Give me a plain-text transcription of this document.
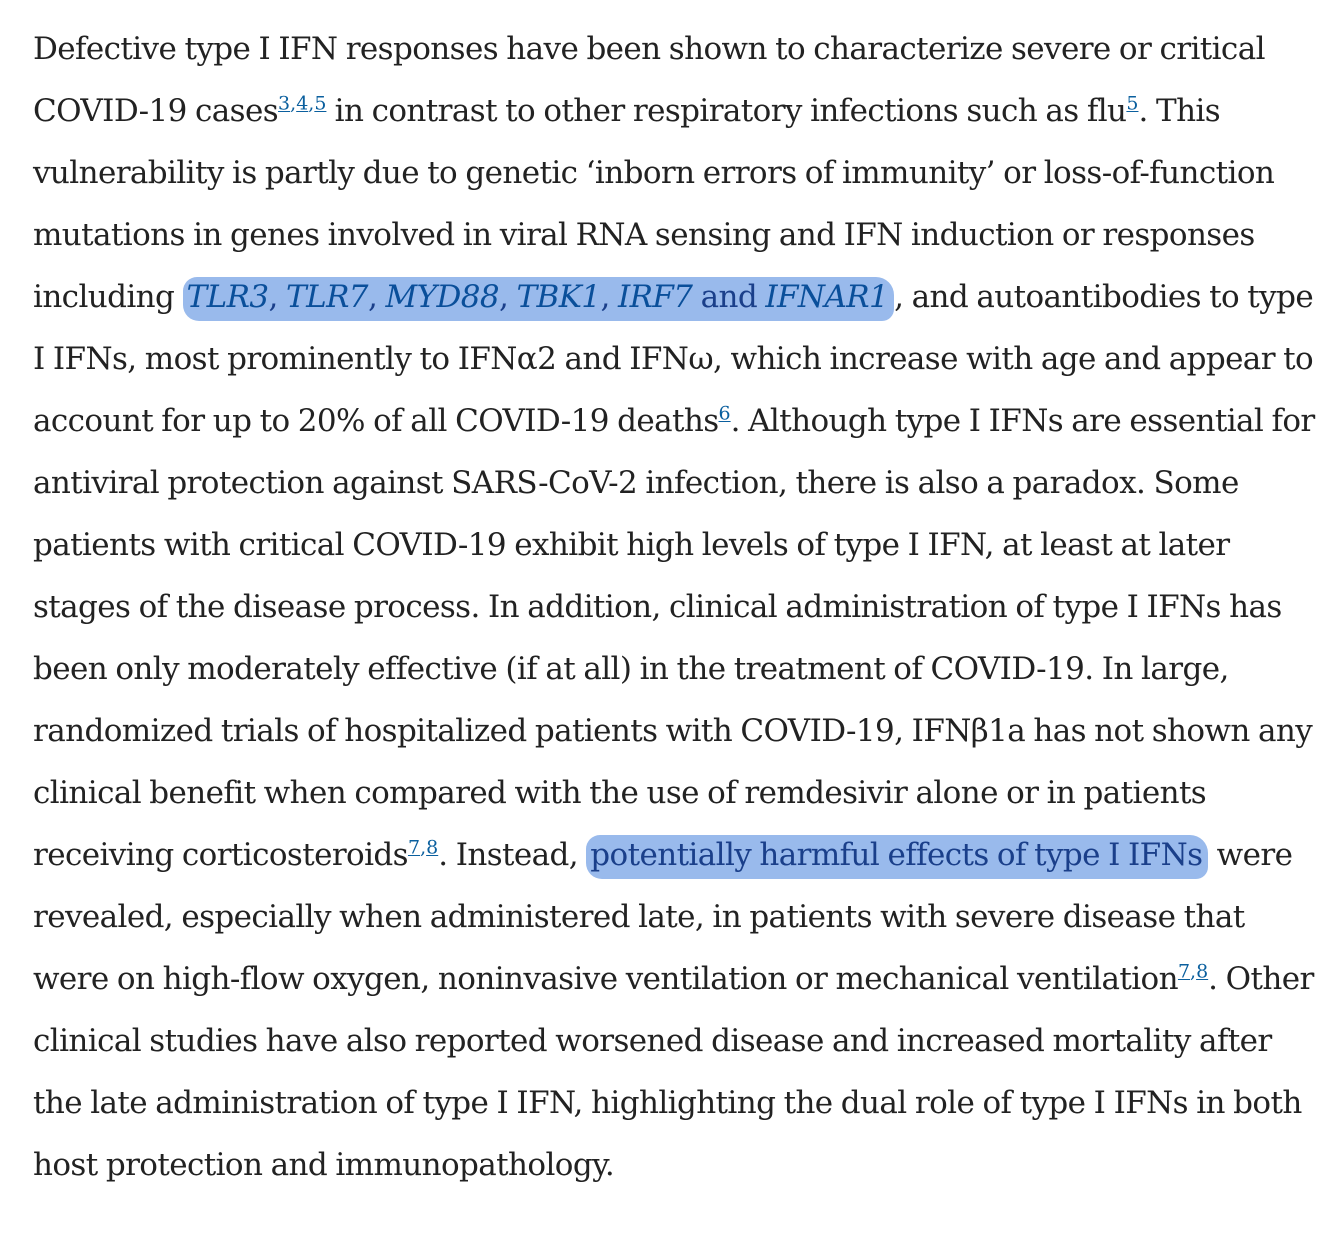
Defective type I IFN responses have been shown to characterize severe or critical COVID-19 cases$^{3,4,5}$ in contrast to other respiratory infections such as flu$^5$. This vulnerability is partly due to genetic ‘inborn errors of immunity’ or loss-of-function mutations in genes involved in viral RNA sensing and IFN induction or responses including TLR3, TLR7, MYD88, TBK1, IRF7 and IFNAR1 , and autoantibodies to type I IFNs, most prominently to IFNα2 and IFNω, which increase with age and appear to account for up to 20% of all COVID-19 deaths$^6$. Although type I IFNs are essential for antiviral protection against SARS-CoV-2 infection, there is also a paradox. Some patients with critical COVID-19 exhibit high levels of type I IFN, at least at later stages of the disease process. In addition, clinical administration of type I IFNs has been only moderately effective (if at all) in the treatment of COVID-19. In large, randomized trials of hospitalized patients with COVID-19, IFNβ1a has not shown any clinical benefit when compared with the use of remdesivir alone or in patients receiving corticosteroids$^{7,8}$. Instead, potentially harmful effects of type I IFNs were revealed, especially when administered late, in patients with severe disease that were on high-flow oxygen, noninvasive ventilation or mechanical ventilation$^{7,8}$. Other clinical studies have also reported worsened disease and increased mortality after the late administration of type I IFN, highlighting the dual role of type I IFNs in both host protection and immunopathology.
